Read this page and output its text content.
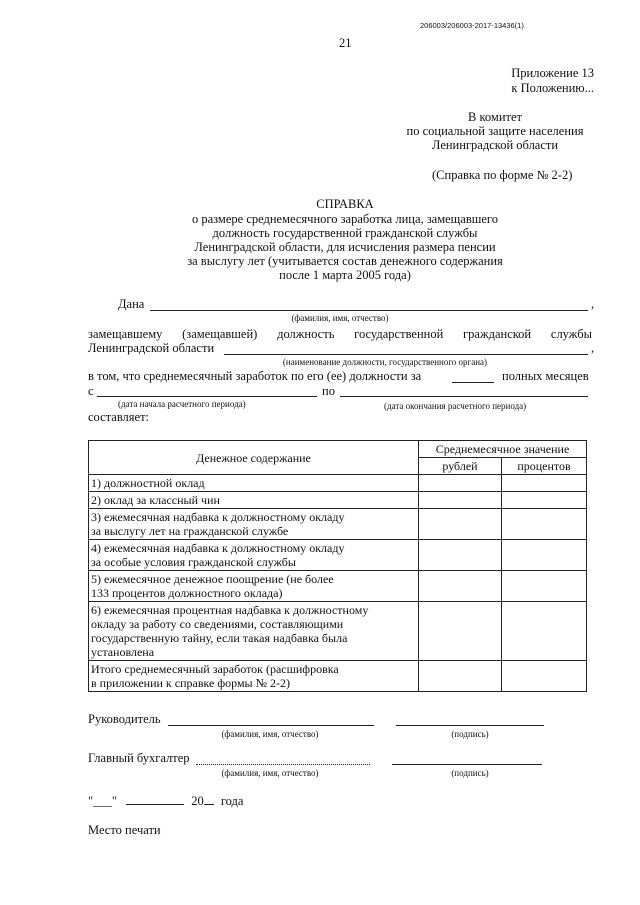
206003/206003-2017-13436(1)
21
Приложение 13
к Положению...
В комитет
по социальной защите населения
Ленинградской области
(Справка по форме № 2-2)
СПРАВКА
о размере среднемесячного заработка лица, замещавшего
должность государственной гражданской службы
Ленинградской области, для исчисления размера пенсии
за выслугу лет (учитывается состав денежного содержания
после 1 марта 2005 года)
Дана	,
(фамилия, имя, отчество)
замещавшему (замещавшей) должность государственной гражданской службы
Ленинградской области	,
(наименование должности, государственного органа)
в том, что среднемесячный заработок по его (ее) должности за	полных месяцев
с	по
(дата начала расчетного периода)	(дата окончания расчетного периода)
составляет:
Денежное содержание	Среднемесячное значение	
	рублей	процентов

1) должностной оклад		

2) оклад за классный чин		

3) ежемесячная надбавка к должностному окладу
за выслугу лет на гражданской службе		

4) ежемесячная надбавка к должностному окладу
за особые условия гражданской службы		

5) ежемесячное денежное поощрение (не более
133 процентов должностного оклада)		

6) ежемесячная процентная надбавка к должностному
окладу за работу со сведениями, составляющими
государственную тайну, если такая надбавка была
установлена		

Итого среднемесячный заработок (расшифровка
в приложении к справке формы № 2-2)		

Руководитель
(фамилия, имя, отчество)	(подпись)
Главный бухгалтер
(фамилия, имя, отчество)	(подпись)
"___"	20 года
Место печати
